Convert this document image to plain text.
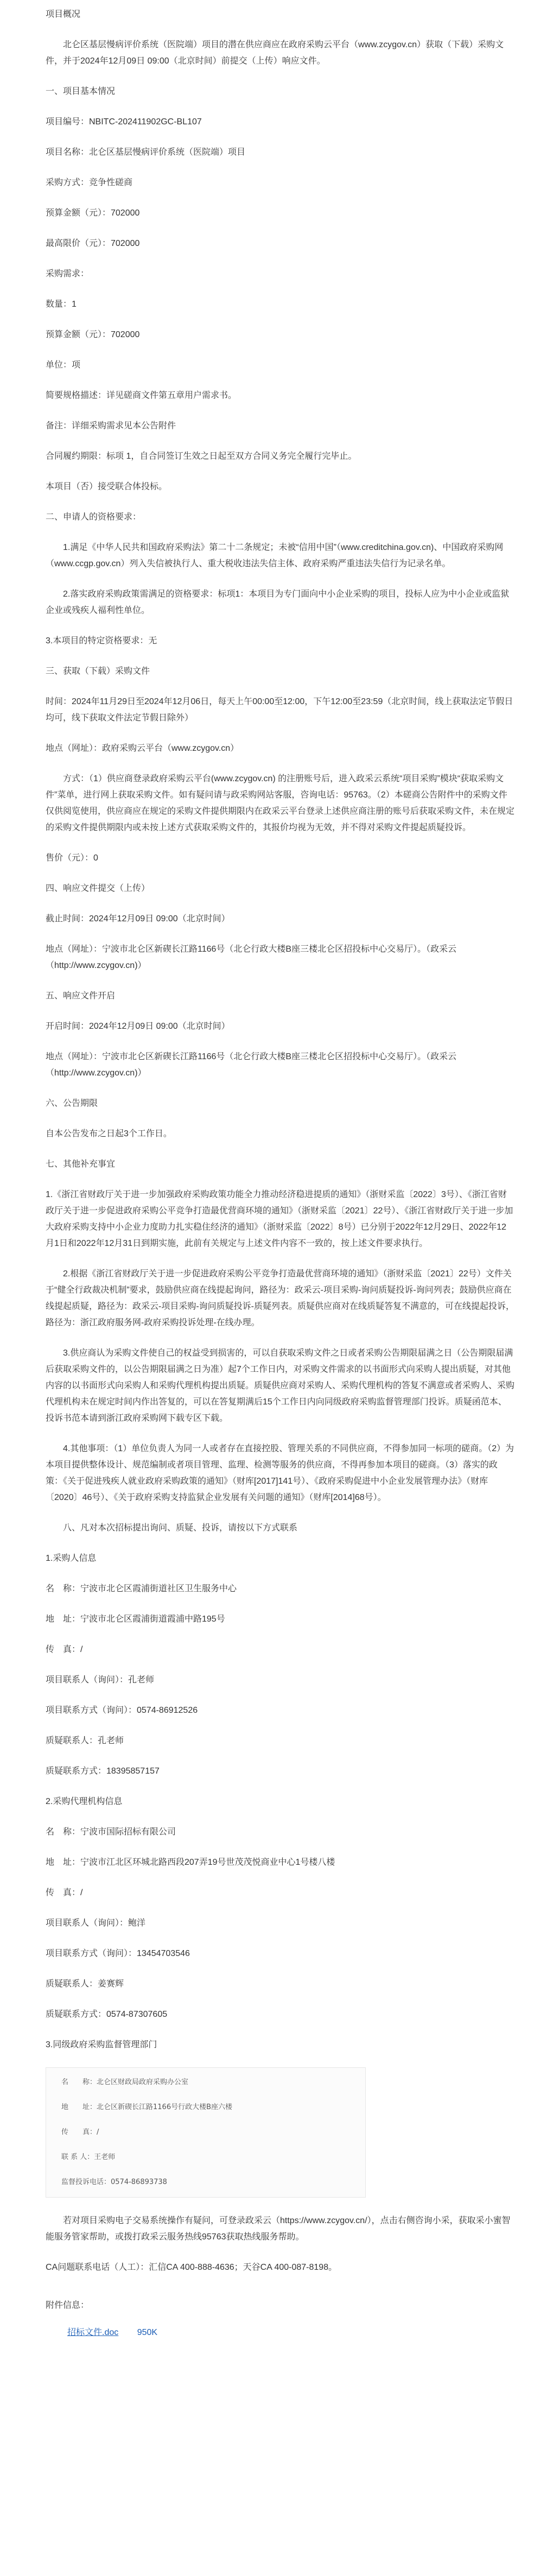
项目概况

北仑区基层慢病评价系统（医院端）项目的潜在供应商应在政府采购云平台（www.zcygov.cn）获取（下载）采购文件，并于2024年12月09日 09:00（北京时间）前提交（上传）响应文件。

一、项目基本情况

项目编号：NBITC-202411902GC-BL107

项目名称：北仑区基层慢病评价系统（医院端）项目

采购方式：竞争性磋商

预算金额（元）：702000

最高限价（元）：702000

采购需求：

数量：1

预算金额（元）：702000

单位：项

简要规格描述：详见磋商文件第五章用户需求书。

备注：详细采购需求见本公告附件

合同履约期限：标项 1，自合同签订生效之日起至双方合同义务完全履行完毕止。

本项目（否）接受联合体投标。

二、申请人的资格要求：

1.满足《中华人民共和国政府采购法》第二十二条规定；未被“信用中国”（www.creditchina.gov.cn)、中国政府采购网（www.ccgp.gov.cn）列入失信被执行人、重大税收违法失信主体、政府采购严重违法失信行为记录名单。

2.落实政府采购政策需满足的资格要求：标项1：本项目为专门面向中小企业采购的项目，投标人应为中小企业或监狱企业或残疾人福利性单位。

3.本项目的特定资格要求：无

三、获取（下载）采购文件

时间：2024年11月29日至2024年12月06日，每天上午00:00至12:00，下午12:00至23:59（北京时间，线上获取法定节假日均可，线下获取文件法定节假日除外）

地点（网址）：政府采购云平台（www.zcygov.cn）

方式：（1）供应商登录政府采购云平台(www.zcygov.cn) 的注册账号后，进入政采云系统“项目采购”模块“获取采购文件”菜单，进行网上获取采购文件。如有疑问请与政采购网站客服，咨询电话：95763。（2）本磋商公告附件中的采购文件仅供阅览使用，供应商应在规定的采购文件提供期限内在政采云平台登录上述供应商注册的账号后获取采购文件，未在规定的采购文件提供期限内或未按上述方式获取采购文件的，其报价均视为无效，并不得对采购文件提起质疑投诉。

售价（元）：0

四、响应文件提交（上传）

截止时间：2024年12月09日 09:00（北京时间）

地点（网址）：宁波市北仑区新碶长江路1166号（北仑行政大楼B座三楼北仑区招投标中心交易厅）。（政采云（http://www.zcygov.cn)）

五、响应文件开启

开启时间：2024年12月09日 09:00（北京时间）

地点（网址）：宁波市北仑区新碶长江路1166号（北仑行政大楼B座三楼北仑区招投标中心交易厅）。（政采云（http://www.zcygov.cn)）

六、公告期限

自本公告发布之日起3个工作日。

七、其他补充事宜

1.《浙江省财政厅关于进一步加强政府采购政策功能全力推动经济稳进提质的通知》（浙财采监〔2022〕3号）、《浙江省财政厅关于进一步促进政府采购公平竞争打造最优营商环境的通知》（浙财采监〔2021〕22号）、《浙江省财政厅关于进一步加大政府采购支持中小企业力度助力扎实稳住经济的通知》（浙财采监〔2022〕8号）已分别于2022年12月29日、2022年12月1日和2022年12月31日到期实施，此前有关规定与上述文件内容不一致的，按上述文件要求执行。

2.根据《浙江省财政厅关于进一步促进政府采购公平竞争打造最优营商环境的通知》（浙财采监〔2021〕22号）文件关于“健全行政裁决机制”要求，鼓励供应商在线提起询问，路径为：政采云-项目采购-询问质疑投诉-询问列表；鼓励供应商在线提起质疑，路径为：政采云-项目采购-询问质疑投诉-质疑列表。质疑供应商对在线质疑答复不满意的，可在线提起投诉，路径为：浙江政府服务网-政府采购投诉处理-在线办理。

3.供应商认为采购文件使自己的权益受到损害的，可以自获取采购文件之日或者采购公告期限届满之日（公告期限届满后获取采购文件的，以公告期限届满之日为准）起7个工作日内，对采购文件需求的以书面形式向采购人提出质疑，对其他内容的以书面形式向采购人和采购代理机构提出质疑。质疑供应商对采购人、采购代理机构的答复不满意或者采购人、采购代理机构未在规定时间内作出答复的，可以在答复期满后15个工作日内向同级政府采购监督管理部门投诉。质疑函范本、投诉书范本请到浙江政府采购网下载专区下载。

4.其他事项：（1）单位负责人为同一人或者存在直接控股、管理关系的不同供应商，不得参加同一标项的磋商。（2）为本项目提供整体设计、规范编制或者项目管理、监理、检测等服务的供应商，不得再参加本项目的磋商。（3）落实的政策：《关于促进残疾人就业政府采购政策的通知》（财库[2017]141号）、《政府采购促进中小企业发展管理办法》（财库〔2020〕46号）、《关于政府采购支持监狱企业发展有关问题的通知》（财库[2014]68号）。

八、凡对本次招标提出询问、质疑、投诉，请按以下方式联系

1.采购人信息

名　称：宁波市北仑区霞浦街道社区卫生服务中心

地　址：宁波市北仑区霞浦街道霞浦中路195号

传　真：/

项目联系人（询问）：孔老师

项目联系方式（询问）：0574-86912526

质疑联系人：孔老师

质疑联系方式：18395857157

2.采购代理机构信息

名　称：宁波市国际招标有限公司

地　址：宁波市江北区环城北路西段207弄19号世茂茂悦商业中心1号楼八楼

传　真：/

项目联系人（询问）：鲍洋

项目联系方式（询问）：13454703546

质疑联系人：姜赛辉

质疑联系方式：0574-87307605

3.同级政府采购监督管理部门

名　　称：北仑区财政局政府采购办公室
地　　址：北仑区新碶长江路1166号行政大楼B座六楼
传　　真：/
联 系 人：王老师
监督投诉电话：0574-86893738

若对项目采购电子交易系统操作有疑问，可登录政采云（https://www.zcygov.cn/），点击右侧咨询小采，获取采小蜜智能服务管家帮助，或拨打政采云服务热线95763获取热线服务帮助。

CA问题联系电话（人工）：汇信CA 400-888-4636；天谷CA 400-087-8198。

附件信息：
招标文件.doc 950K
